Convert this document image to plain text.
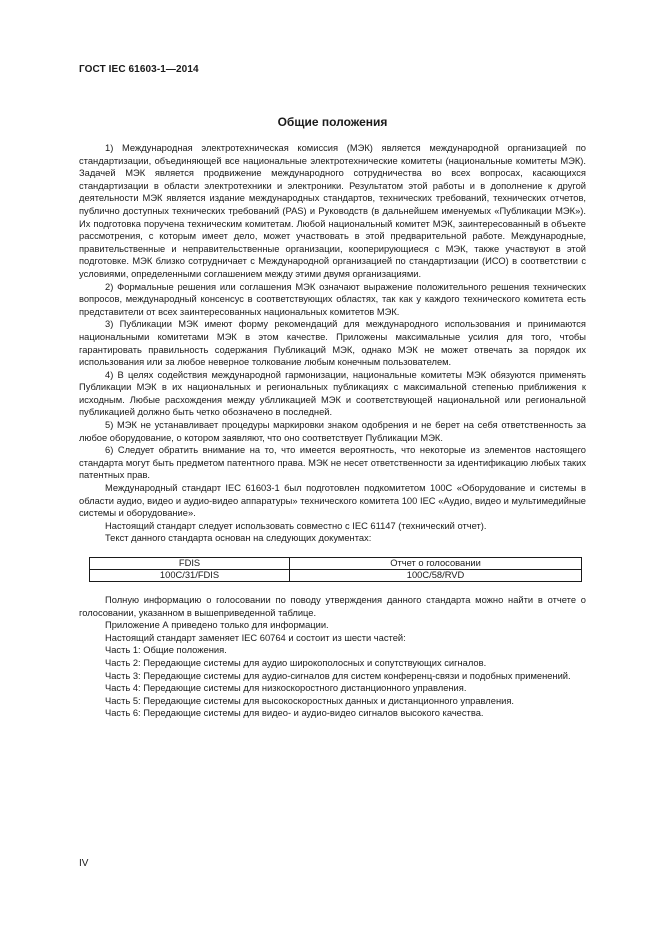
ГОСТ IEC 61603-1—2014
Общие положения

1) Международная электротехническая комиссия (МЭК) является международной организацией по стандартизации, объединяющей все национальные электротехнические комитеты (национальные комитеты МЭК). Задачей МЭК является продвижение международного сотрудничества во всех вопросах, касающихся стандартизации в области электротехники и электроники. Результатом этой работы и в дополнение к другой деятельности МЭК является издание международных стандартов, технических требований, технических отчетов, публично доступных технических требований (PAS) и Руководств (в дальнейшем именуемых «Публикации МЭК»). Их подготовка поручена техническим комитетам. Любой национальный комитет МЭК, заинтересованный в объекте рассмотрения, с которым имеет дело, может участвовать в этой предварительной работе. Международные, правительственные и неправительственные организации, кооперирующиеся с МЭК, также участвуют в этой подготовке. МЭК близко сотрудничает с Международной организацией по стандартизации (ИСО) в соответствии с условиями, определенными соглашением между этими двумя организациями.

2) Формальные решения или соглашения МЭК означают выражение положительного решения технических вопросов, международный консенсус в соответствующих областях, так как у каждого технического комитета есть представители от всех заинтересованных национальных комитетов МЭК.

3) Публикации МЭК имеют форму рекомендаций для международного использования и принимаются национальными комитетами МЭК в этом качестве. Приложены максимальные усилия для того, чтобы гарантировать правильность содержания Публикаций МЭК, однако МЭК не может отвечать за порядок их использования или за любое неверное толкование любым конечным пользователем.

4) В целях содействия международной гармонизации, национальные комитеты МЭК обязуются применять Публикации МЭК в их национальных и региональных публикациях с максимальной степенью приближения к исходным. Любые расхождения между ублликацией МЭК и соответствующей национальной или региональной публикацией должно быть четко обозначено в последней.

5) МЭК не устанавливает процедуры маркировки знаком одобрения и не берет на себя ответственность за любое оборудование, о котором заявляют, что оно соответствует Публикации МЭК.

6) Следует обратить внимание на то, что имеется вероятность, что некоторые из элементов настоящего стандарта могут быть предметом патентного права. МЭК не несет ответственности за идентификацию любых таких патентных прав.

Международный стандарт IEC 61603-1 был подготовлен подкомитетом 100С «Оборудование и системы в области аудио, видео и аудио-видео аппаратуры» технического комитета 100 IEC «Аудио, видео и мультимедийные системы и оборудование».

Настоящий стандарт следует использовать совместно с IEC 61147 (технический отчет).

Текст данного стандарта основан на следующих документах:

FDIS	Отчет о голосовании
100C/31/FDIS	100C/58/RVD

Полную информацию о голосовании по поводу утверждения данного стандарта можно найти в отчете о голосовании, указанном в вышеприведенной таблице.

Приложение А приведено только для информации.

Настоящий стандарт заменяет IEC 60764 и состоит из шести частей:

Часть 1: Общие положения.

Часть 2: Передающие системы для аудио широкополосных и сопутствующих сигналов.

Часть 3: Передающие системы для аудио-сигналов для систем конференц-связи и подобных применений.

Часть 4: Передающие системы для низкоскоростного дистанционного управления.

Часть 5: Передающие системы для высокоскоростных данных и дистанционного управления.

Часть 6: Передающие системы для видео- и аудио-видео сигналов высокого качества.

IV
